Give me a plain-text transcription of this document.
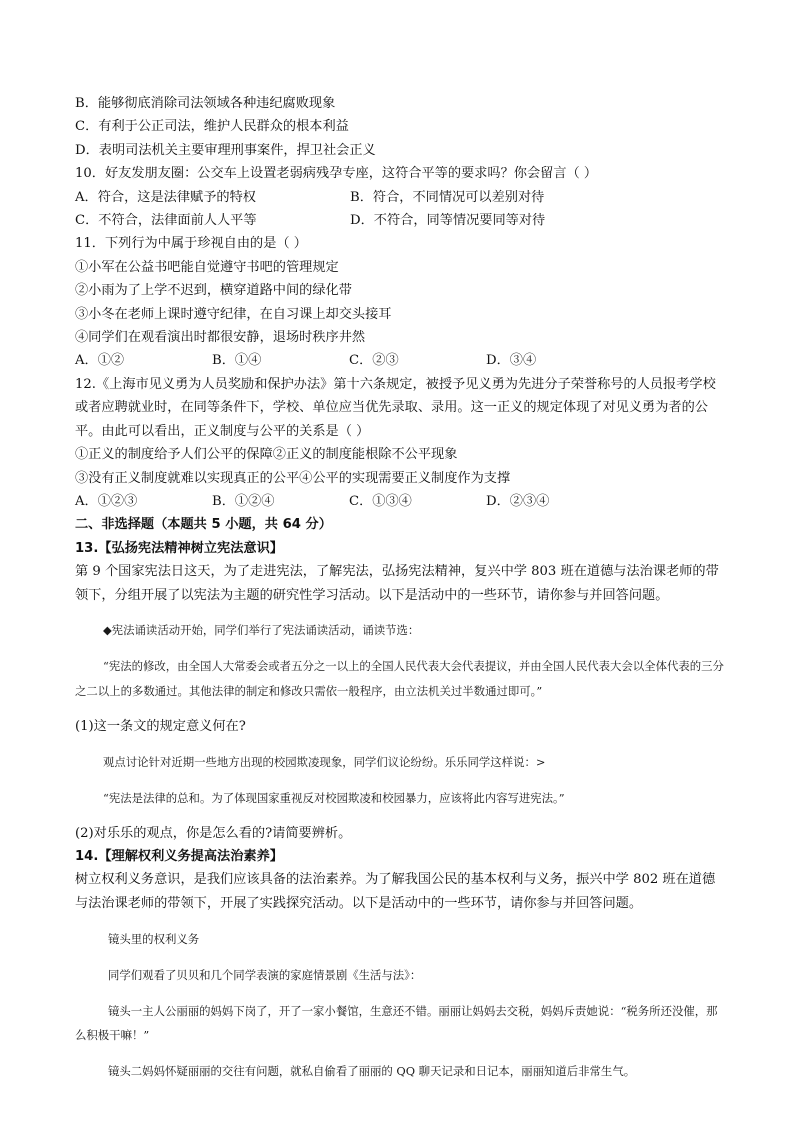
B．能够彻底消除司法领域各种违纪腐败现象

C．有利于公正司法，维护人民群众的根本利益

D．表明司法机关主要审理刑事案件，捍卫社会正义

10．好友发朋友圈：公交车上设置老弱病残孕专座，这符合平等的要求吗？你会留言（ ）

A．符合，这是法律赋予的特权	B．符合，不同情况可以差别对待
C．不符合，法律面前人人平等	D．不符合，同等情况要同等对待

11．下列行为中属于珍视自由的是（ ）

①小军在公益书吧能自觉遵守书吧的管理规定

②小雨为了上学不迟到，横穿道路中间的绿化带

③小冬在老师上课时遵守纪律，在自习课上却交头接耳

④同学们在观看演出时都很安静，退场时秩序井然

A．①②	B．①④	C．②③	D．③④

12.《上海市见义勇为人员奖励和保护办法》第十六条规定，被授予见义勇为先进分子荣誉称号的人员报考学校或者应聘就业时，在同等条件下，学校、单位应当优先录取、录用。这一正义的规定体现了对见义勇为者的公平。由此可以看出，正义制度与公平的关系是（ ）

①正义的制度给予人们公平的保障②正义的制度能根除不公平现象

③没有正义制度就难以实现真正的公平④公平的实现需要正义制度作为支撑

A．①②③	B．①②④	C．①③④	D．②③④

二、非选择题（本题共 5 小题，共 64 分）

13.【弘扬宪法精神树立宪法意识】

第 9 个国家宪法日这天，为了走进宪法，了解宪法，弘扬宪法精神，复兴中学 803 班在道德与法治课老师的带领下，分组开展了以宪法为主题的研究性学习活动。以下是活动中的一些环节，请你参与并回答问题。

◆宪法诵读活动开始，同学们举行了宪法诵读活动，诵读节选：

“宪法的修改，由全国人大常委会或者五分之一以上的全国人民代表大会代表提议，并由全国人民代表大会以全体代表的三分之二以上的多数通过。其他法律的制定和修改只需依一般程序，由立法机关过半数通过即可。”

(1)这一条文的规定意义何在?

观点讨论针对近期一些地方出现的校园欺凌现象，同学们议论纷纷。乐乐同学这样说：>

“宪法是法律的总和。为了体现国家重视反对校园欺凌和校园暴力，应该将此内容写进宪法。”

(2)对乐乐的观点，你是怎么看的?请简要辨析。

14.【理解权利义务提高法治素养】

树立权利义务意识，是我们应该具备的法治素养。为了解我国公民的基本权利与义务，振兴中学 802 班在道德与法治课老师的带领下，开展了实践探究活动。以下是活动中的一些环节，请你参与并回答问题。

镜头里的权利义务

同学们观看了贝贝和几个同学表演的家庭情景剧《生活与法》：

镜头一主人公丽丽的妈妈下岗了，开了一家小餐馆，生意还不错。丽丽让妈妈去交税，妈妈斥责她说：“税务所还没催，那么积极干嘛！”

镜头二妈妈怀疑丽丽的交往有问题，就私自偷看了丽丽的 QQ 聊天记录和日记本，丽丽知道后非常生气。
